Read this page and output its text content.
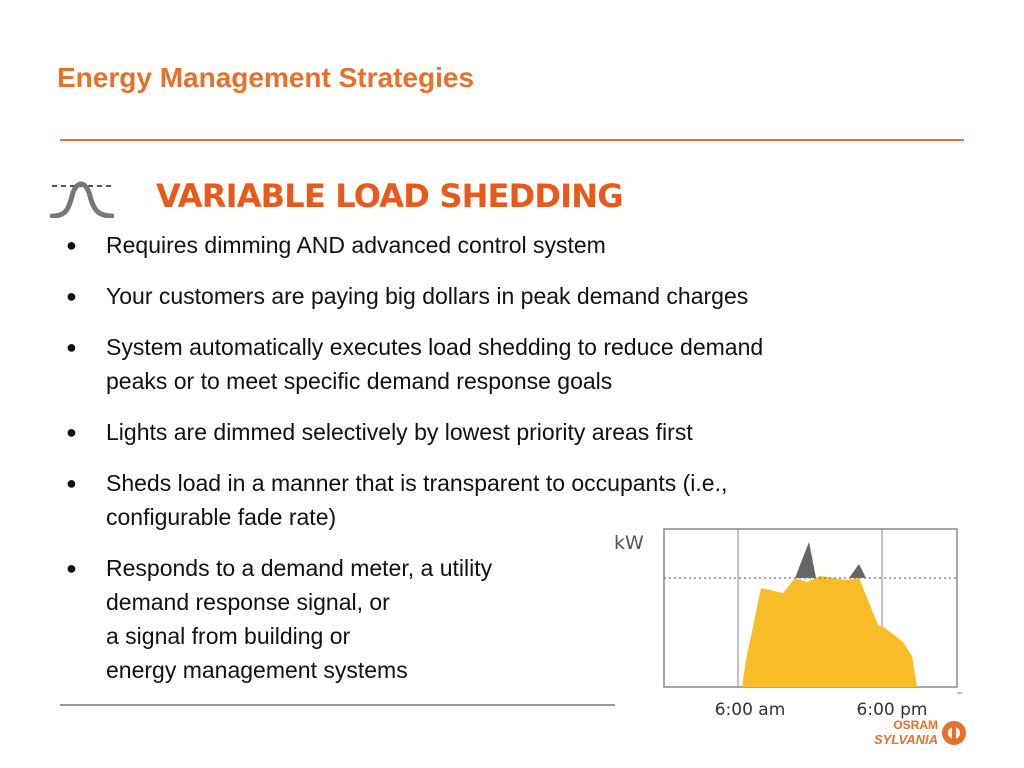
Energy Management Strategies
VARIABLE LOAD SHEDDING
● Requires dimming AND advanced control system
● Your customers are paying big dollars in peak demand charges
● System automatically executes load shedding to reduce demand
peaks or to meet specific demand response goals
● Lights are dimmed selectively by lowest priority areas first
● Sheds load in a manner that is transparent to occupants (i.e.,
configurable fade rate)
● Responds to a demand meter, a utility
demand response signal, or
a signal from building or
energy management systems
kW
6:00 am	6:00 pm
OSRAM
SYLVANIA
